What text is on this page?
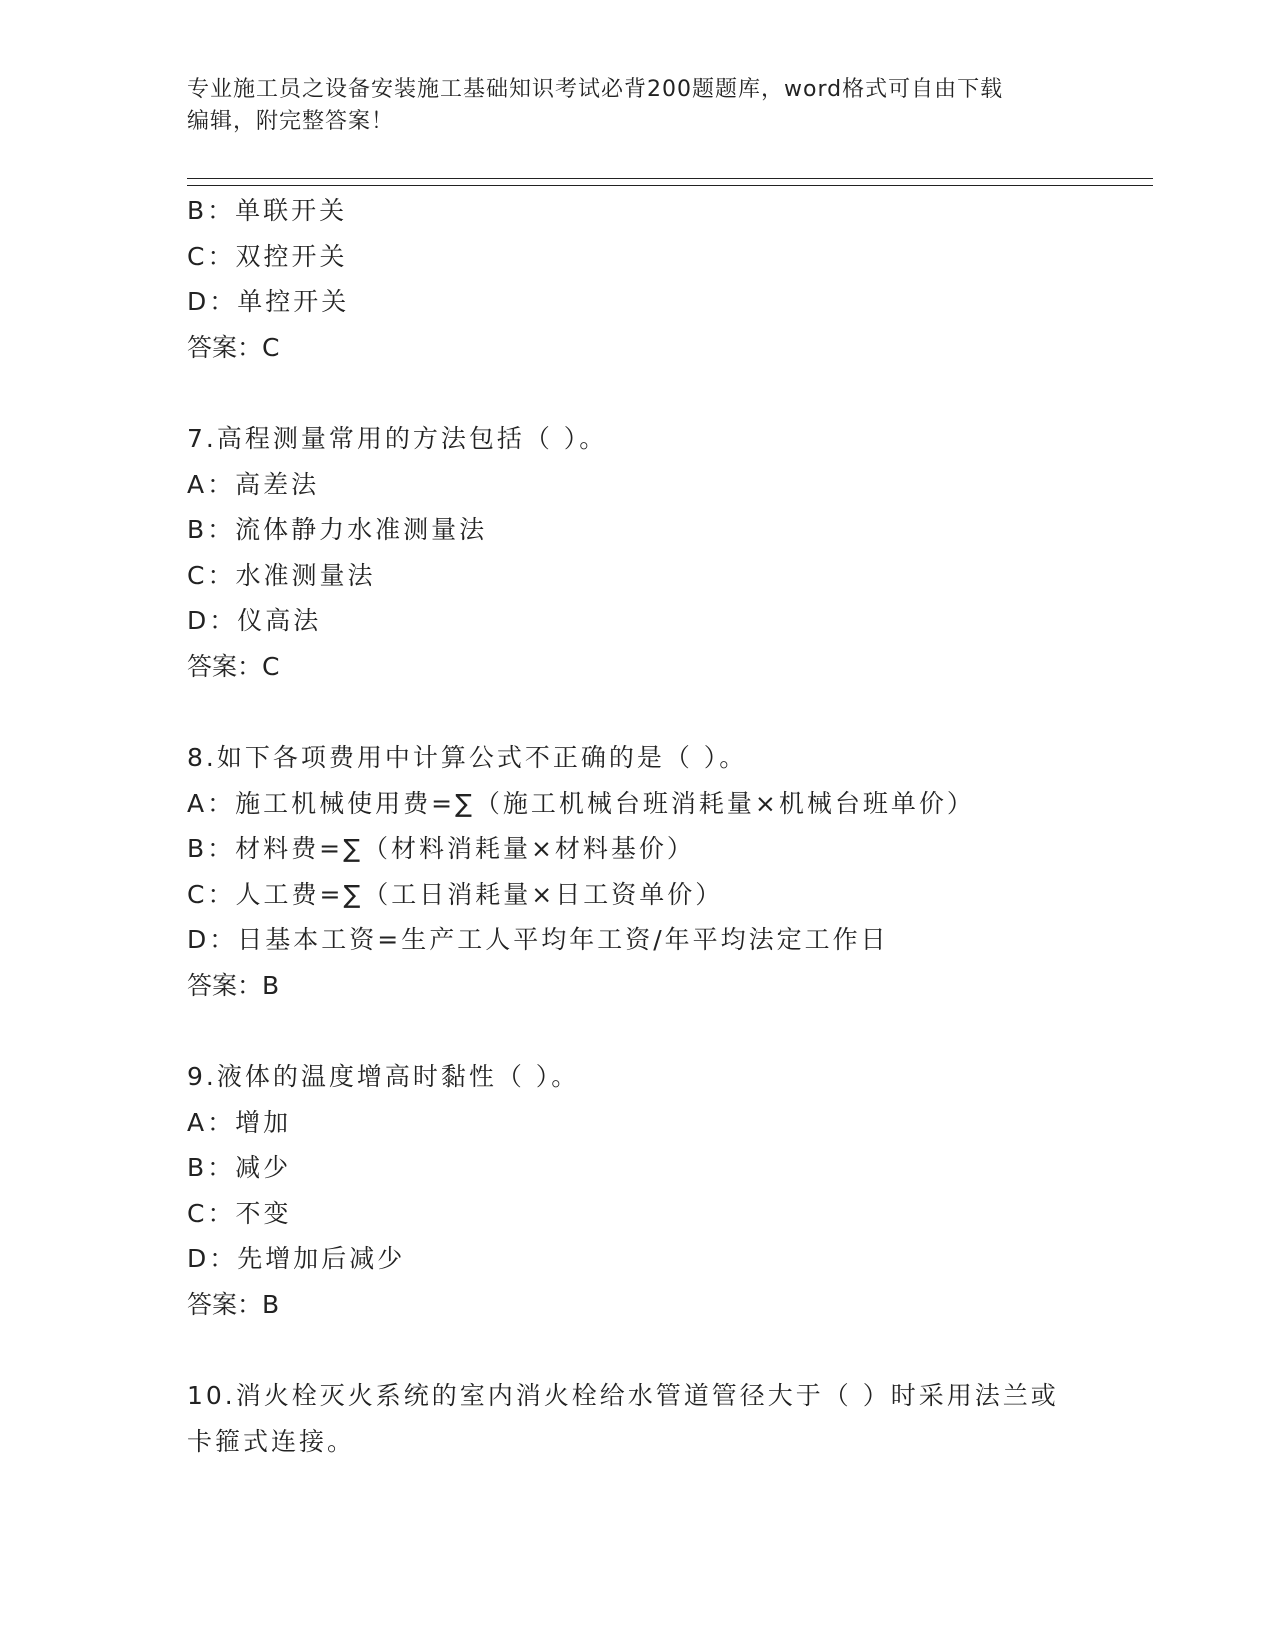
专业施工员之设备安装施工基础知识考试必背200题题库，word格式可自由下载
编辑，附完整答案！
B：单联开关
C：双控开关
D：单控开关
答案：C
7.高程测量常用的方法包括（ ）。
A：高差法
B：流体静力水准测量法
C：水准测量法
D：仪高法
答案：C
8.如下各项费用中计算公式不正确的是（ ）。
A：施工机械使用费=∑（施工机械台班消耗量×机械台班单价）
B：材料费=∑（材料消耗量×材料基价）
C：人工费=∑（工日消耗量×日工资单价）
D：日基本工资=生产工人平均年工资/年平均法定工作日
答案：B
9.液体的温度增高时黏性（ ）。
A：增加
B：减少
C：不变
D：先增加后减少
答案：B
10.消火栓灭火系统的室内消火栓给水管道管径大于（ ）时采用法兰或卡箍式连接。
